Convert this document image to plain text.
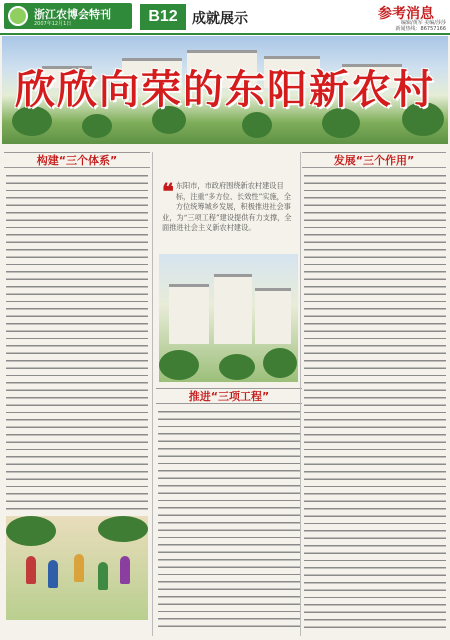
浙江农博会特刊
2007年12月1日	B12	成就展示	参考消息
编辑/黄军 美编/莎莎
新闻热线：86757166
欣欣向荣的东阳新农村
构建“三个体系”	发展“三个作用”
推进“三项工程”
❝ 东阳市，市政府围绕新农村建设目标，注重“多方位、长效性”实施，全方位统筹城乡发展，积极推进社会事业，为“三项工程”建设提供有力支撑，全面推进社会主义新农村建设。
